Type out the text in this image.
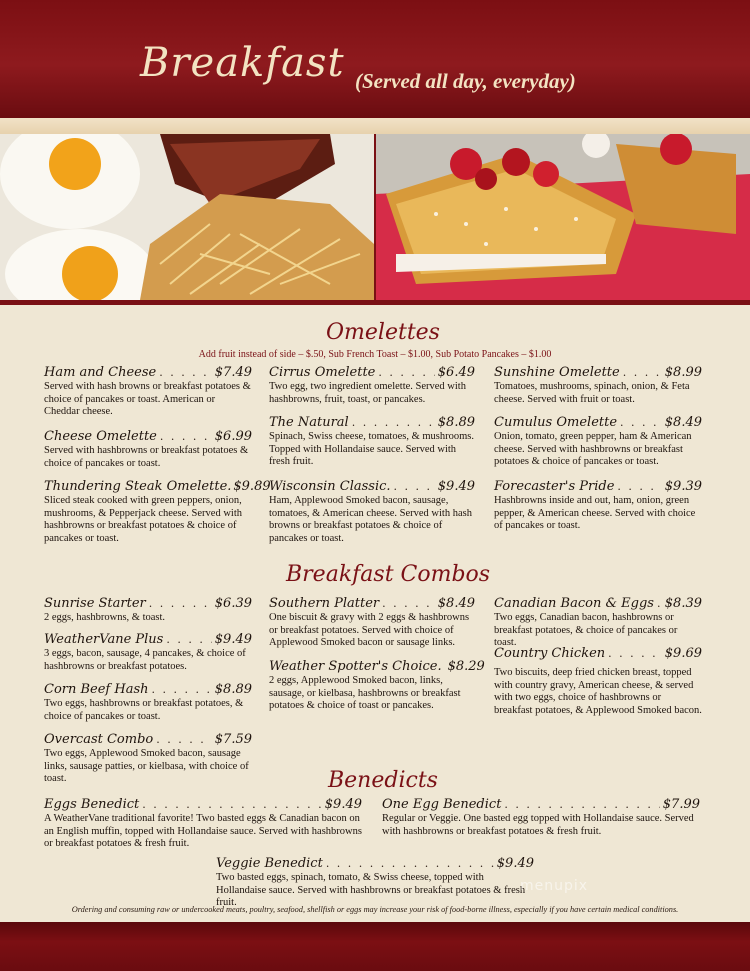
Breakfast (Served all day, everyday)
Omelettes
Add fruit instead of side – $.50, Sub French Toast – $1.00, Sub Potato Pancakes – $1.00
Ham and Cheese . . .	$7.49
Served with hash browns or breakfast potatoes & choice of pancakes or toast. American or Cheddar cheese.
Cheese Omelette . . .	$6.99
Served with hashbrowns or breakfast potatoes & choice of pancakes or toast.
Thundering Steak Omelette. $9.89
Sliced steak cooked with green peppers, onion, mushrooms, & Pepperjack cheese. Served with hashbrowns or breakfast potatoes & choice of pancakes or toast.
Cirrus Omelette . . .	$6.49
Two egg, two ingredient omelette. Served with hashbrowns, fruit, toast, or pancakes.
The Natural . . .	$8.89
Spinach, Swiss cheese, tomatoes, & mushrooms. Topped with Hollandaise sauce. Served with fresh fruit.
Wisconsin Classic. . . .	$9.49
Ham, Applewood Smoked bacon, sausage, tomatoes, & American cheese. Served with hash browns or breakfast potatoes & choice of pancakes or toast.
Sunshine Omelette . . .	$8.99
Tomatoes, mushrooms, spinach, onion, & Feta cheese. Served with fruit or toast.
Cumulus Omelette . . .	$8.49
Onion, tomato, green pepper, ham & American cheese. Served with hashbrowns or breakfast potatoes & choice of pancakes or toast.
Forecaster's Pride . . .	$9.39
Hashbrowns inside and out, ham, onion, green pepper, & American cheese. Served with choice of pancakes or toast.
Breakfast Combos
Sunrise Starter . . .	$6.39
2 eggs, hashbrowns, & toast.
WeatherVane Plus . . .	$9.49
3 eggs, bacon, sausage, 4 pancakes, & choice of hashbrowns or breakfast potatoes.
Corn Beef Hash . . .	$8.89
Two eggs, hashbrowns or breakfast potatoes, & choice of pancakes or toast.
Overcast Combo . . .	$7.59
Two eggs, Applewood Smoked bacon, sausage links, sausage patties, or kielbasa, with choice of toast.
Southern Platter . . .	$8.49
One biscuit & gravy with 2 eggs & hashbrowns or breakfast potatoes. Served with choice of Applewood Smoked bacon or sausage links.
Weather Spotter's Choice. $8.29
2 eggs, Applewood Smoked bacon, links, sausage, or kielbasa, hashbrowns or breakfast potatoes & choice of toast or pancakes.
Canadian Bacon & Eggs . . . $8.39
Two eggs, Canadian bacon, hashbrowns or breakfast potatoes, & choice of pancakes or toast.
Country Chicken . . .	$9.69
Two biscuits, deep fried chicken breast, topped with country gravy, American cheese, & served with two eggs, choice of hashbrowns or breakfast potatoes, & Applewood Smoked bacon.
Benedicts
Eggs Benedict . . .	$9.49
A WeatherVane traditional favorite! Two basted eggs & Canadian bacon on an English muffin, topped with Hollandaise sauce. Served with hashbrowns or breakfast potatoes & fresh fruit.
One Egg Benedict . . .	$7.99
Regular or Veggie. One basted egg topped with Hollandaise sauce. Served with hashbrowns or breakfast potatoes & fresh fruit.
Veggie Benedict . . .	$9.49
Two basted eggs, spinach, tomato, & Swiss cheese, topped with Hollandaise sauce. Served with hashbrowns or breakfast potatoes & fresh fruit.
menupix
Ordering and consuming raw or undercooked meats, poultry, seafood, shellfish or eggs may increase your risk of food-borne illness, especially if you have certain medical conditions.
